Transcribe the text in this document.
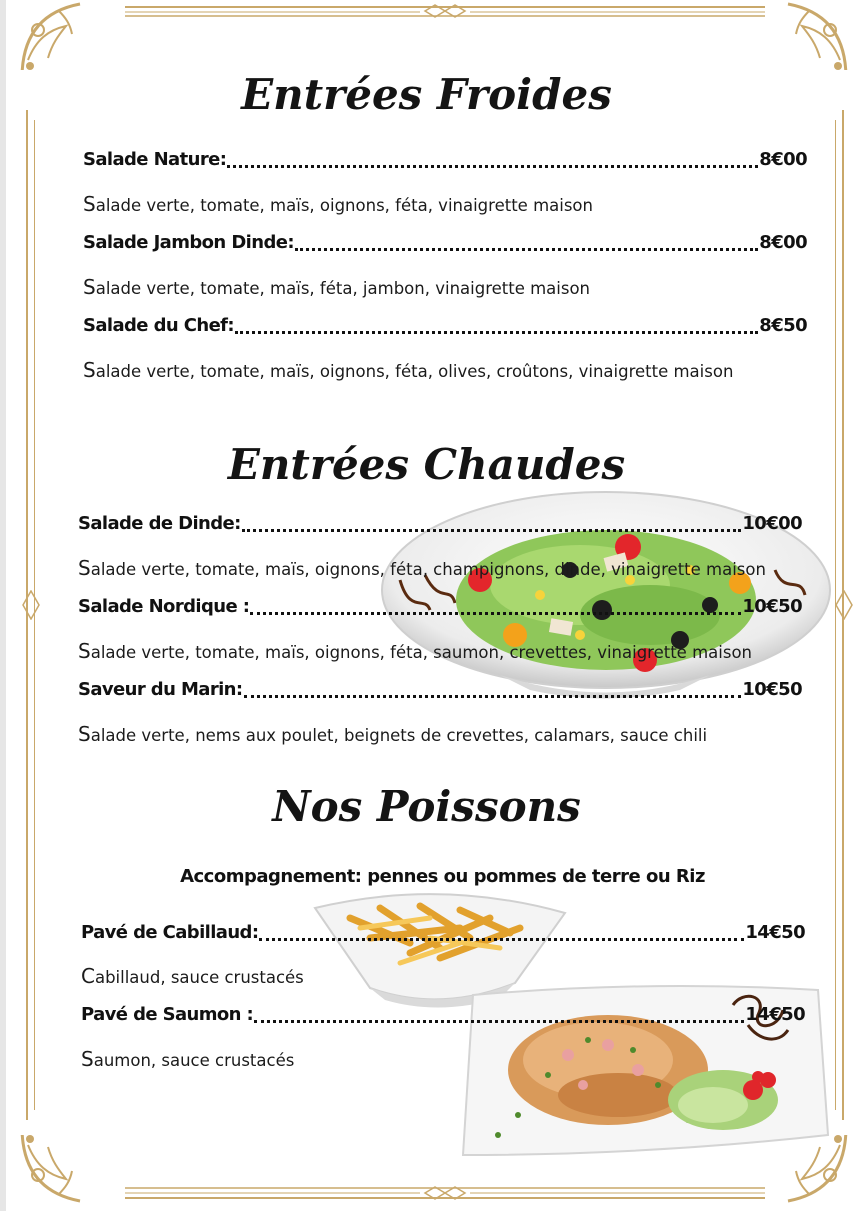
Entrées Froides
Salade Nature:	8€00
Salade verte, tomate, maïs, oignons, féta, vinaigrette maison
Salade Jambon Dinde:	8€00
Salade verte, tomate, maïs, féta, jambon, vinaigrette maison
Salade du Chef:	8€50
Salade verte, tomate, maïs, oignons, féta, olives, croûtons, vinaigrette maison
Entrées Chaudes
Salade de Dinde:	10€00
Salade verte, tomate, maïs, oignons, féta, champignons, dinde, vinaigrette maison
Salade Nordique :	10€50
Salade verte, tomate, maïs, oignons, féta, saumon, crevettes, vinaigrette maison
Saveur du Marin:	10€50
Salade verte, nems aux poulet, beignets de crevettes, calamars, sauce chili
Nos Poissons
Accompagnement: pennes ou pommes de terre ou Riz
Pavé de Cabillaud:	14€50
Cabillaud, sauce crustacés
Pavé de Saumon :	14€50
Saumon, sauce crustacés
